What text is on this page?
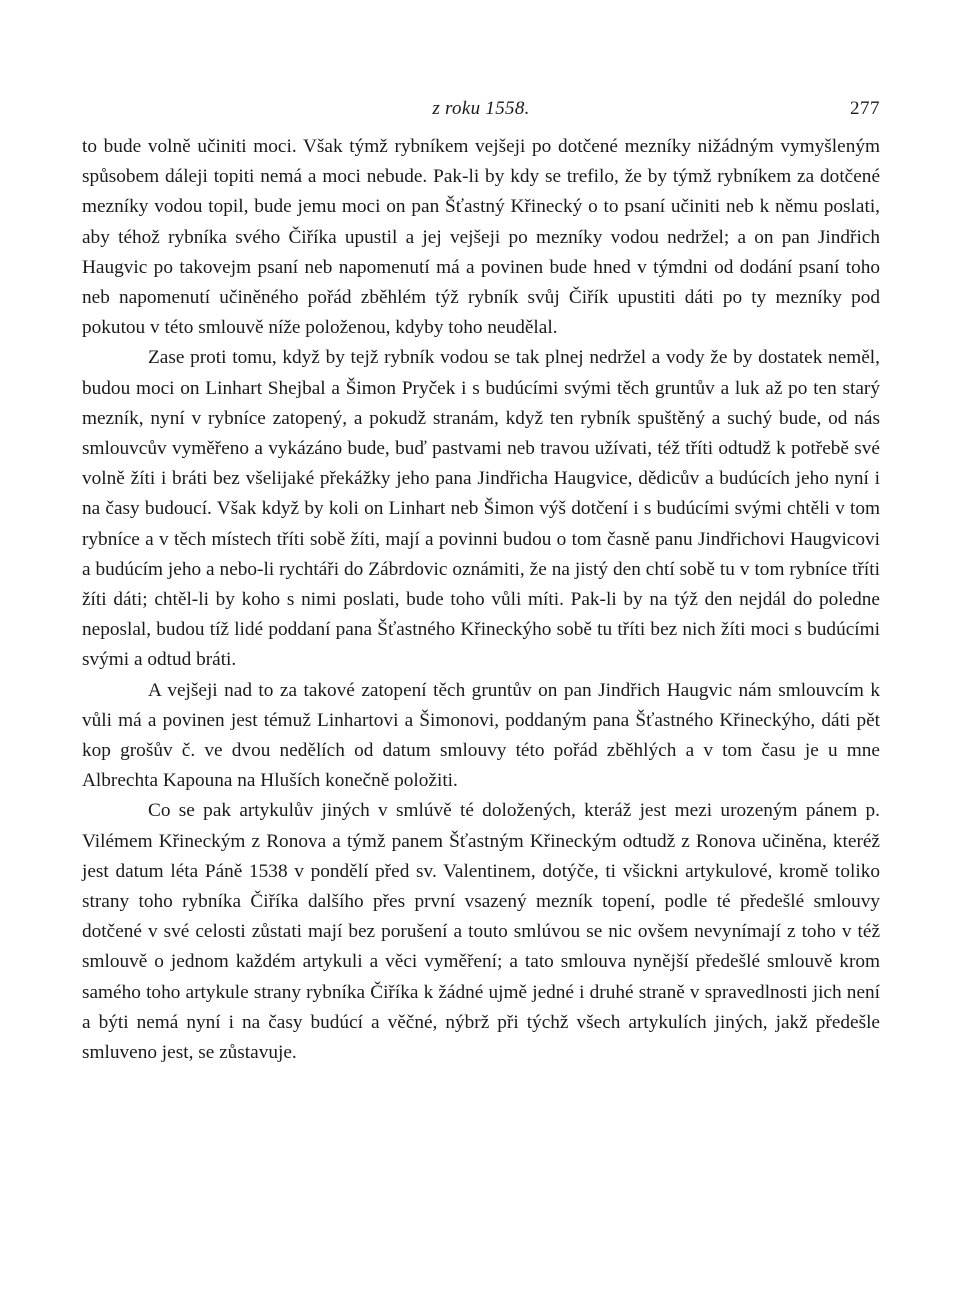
z roku 1558.	277

to bude volně učiniti moci. Však týmž rybníkem vejšeji po dotčené mezníky nižádným vymyšleným spůsobem dáleji topiti nemá a moci nebude. Pak-li by kdy se trefilo, že by týmž rybníkem za dotčené mezníky vodou topil, bude jemu moci on pan Šťastný Křinecký o to psaní učiniti neb k němu poslati, aby téhož rybníka svého Čiříka upustil a jej vejšeji po mezníky vodou nedržel; a on pan Jindřich Haugvic po takovejm psaní neb napomenutí má a povinen bude hned v týmdni od dodání psaní toho neb napomenutí učiněného pořád zběhlém týž rybník svůj Čiřík upustiti dáti po ty mezníky pod pokutou v této smlouvě níže položenou, kdyby toho neudělal.

Zase proti tomu, když by tejž rybník vodou se tak plnej nedržel a vody že by dostatek neměl, budou moci on Linhart Shejbal a Šimon Pryček i s budúcími svými těch gruntův a luk až po ten starý mezník, nyní v rybníce zatopený, a pokudž stranám, když ten rybník spuštěný a suchý bude, od nás smlouvcův vyměřeno a vykázáno bude, buď pastvami neb travou užívati, též tříti odtudž k potřebě své volně žíti i bráti bez všelijaké překážky jeho pana Jindřicha Haugvice, dědicův a budúcích jeho nyní i na časy budoucí. Však když by koli on Linhart neb Šimon výš dotčení i s budúcími svými chtěli v tom rybníce a v těch místech tříti sobě žíti, mají a povinni budou o tom časně panu Jindřichovi Haugvicovi a budúcím jeho a nebo-li rychtáři do Zábrdovic oznámiti, že na jistý den chtí sobě tu v tom rybníce tříti žíti dáti; chtěl-li by koho s nimi poslati, bude toho vůli míti. Pak-li by na týž den nejdál do poledne neposlal, budou tíž lidé poddaní pana Šťastného Křineckýho sobě tu tříti bez nich žíti moci s budúcími svými a odtud bráti.

A vejšeji nad to za takové zatopení těch gruntův on pan Jindřich Haugvic nám smlouvcím k vůli má a povinen jest témuž Linhartovi a Šimonovi, poddaným pana Šťastného Křineckýho, dáti pět kop grošův č. ve dvou nedělích od datum smlouvy této pořád zběhlých a v tom času je u mne Albrechta Kapouna na Hluších konečně položiti.

Co se pak artykulův jiných v smlúvě té doložených, kteráž jest mezi urozeným pánem p. Vilémem Křineckým z Ronova a týmž panem Šťastným Křineckým odtudž z Ronova učiněna, kteréž jest datum léta Páně 1538 v pondělí před sv. Valentinem, dotýče, ti všickni artykulové, kromě toliko strany toho rybníka Čiříka dalšího přes první vsazený mezník topení, podle té předešlé smlouvy dotčené v své celosti zůstati mají bez porušení a touto smlúvou se nic ovšem nevynímají z toho v též smlouvě o jednom každém artykuli a věci vyměření; a tato smlouva nynější předešlé smlouvě krom samého toho artykule strany rybníka Čiříka k žádné ujmě jedné i druhé straně v spravedlnosti jich není a býti nemá nyní i na časy budúcí a věčné, nýbrž při týchž všech artykulích jiných, jakž předešle smluveno jest, se zůstavuje.
